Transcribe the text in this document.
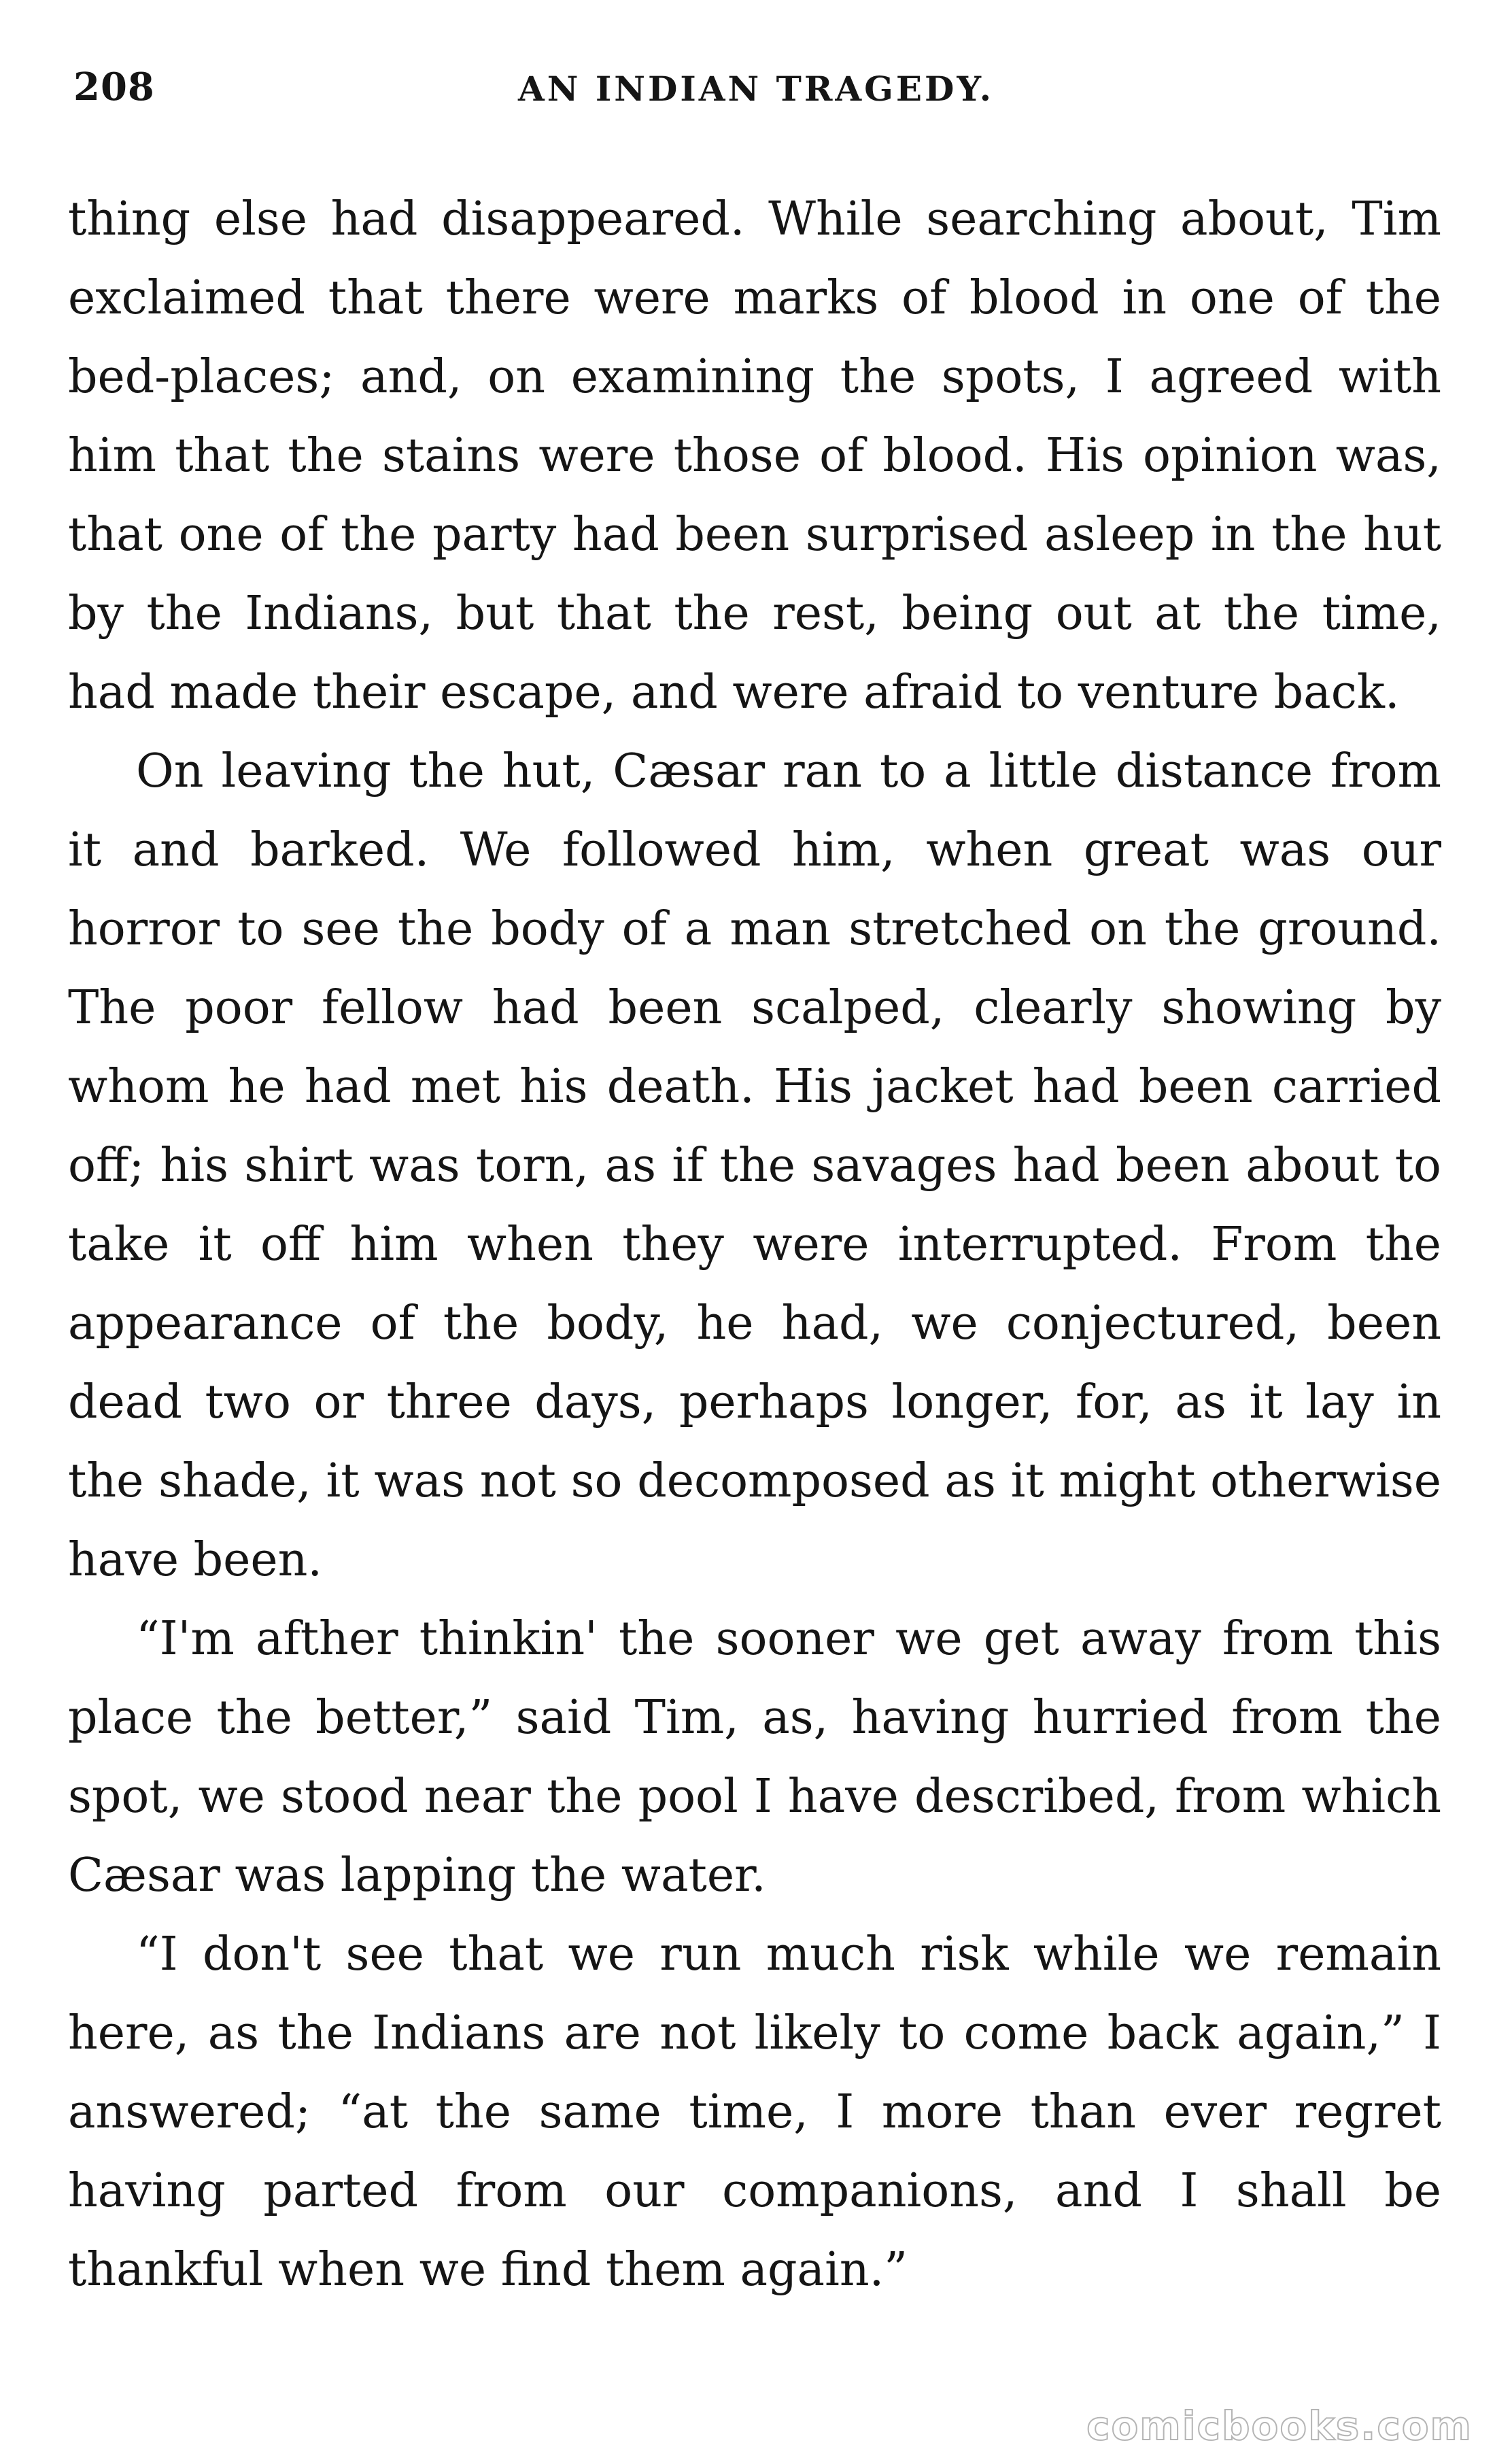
208	AN INDIAN TRAGEDY.

thing else had disappeared. While searching about, Tim exclaimed that there were marks of blood in one of the bed-places; and, on examining the spots, I agreed with him that the stains were those of blood. His opinion was, that one of the party had been surprised asleep in the hut by the Indians, but that the rest, being out at the time, had made their escape, and were afraid to venture back.

On leaving the hut, Cæsar ran to a little distance from it and barked. We followed him, when great was our horror to see the body of a man stretched on the ground. The poor fellow had been scalped, clearly showing by whom he had met his death. His jacket had been carried off; his shirt was torn, as if the savages had been about to take it off him when they were interrupted. From the appearance of the body, he had, we conjectured, been dead two or three days, perhaps longer, for, as it lay in the shade, it was not so decomposed as it might otherwise have been.

“I'm afther thinkin' the sooner we get away from this place the better,” said Tim, as, having hurried from the spot, we stood near the pool I have described, from which Cæsar was lapping the water.

“I don't see that we run much risk while we remain here, as the Indians are not likely to come back again,” I answered; “at the same time, I more than ever regret having parted from our companions, and I shall be thankful when we find them again.”

comicbooks.com
